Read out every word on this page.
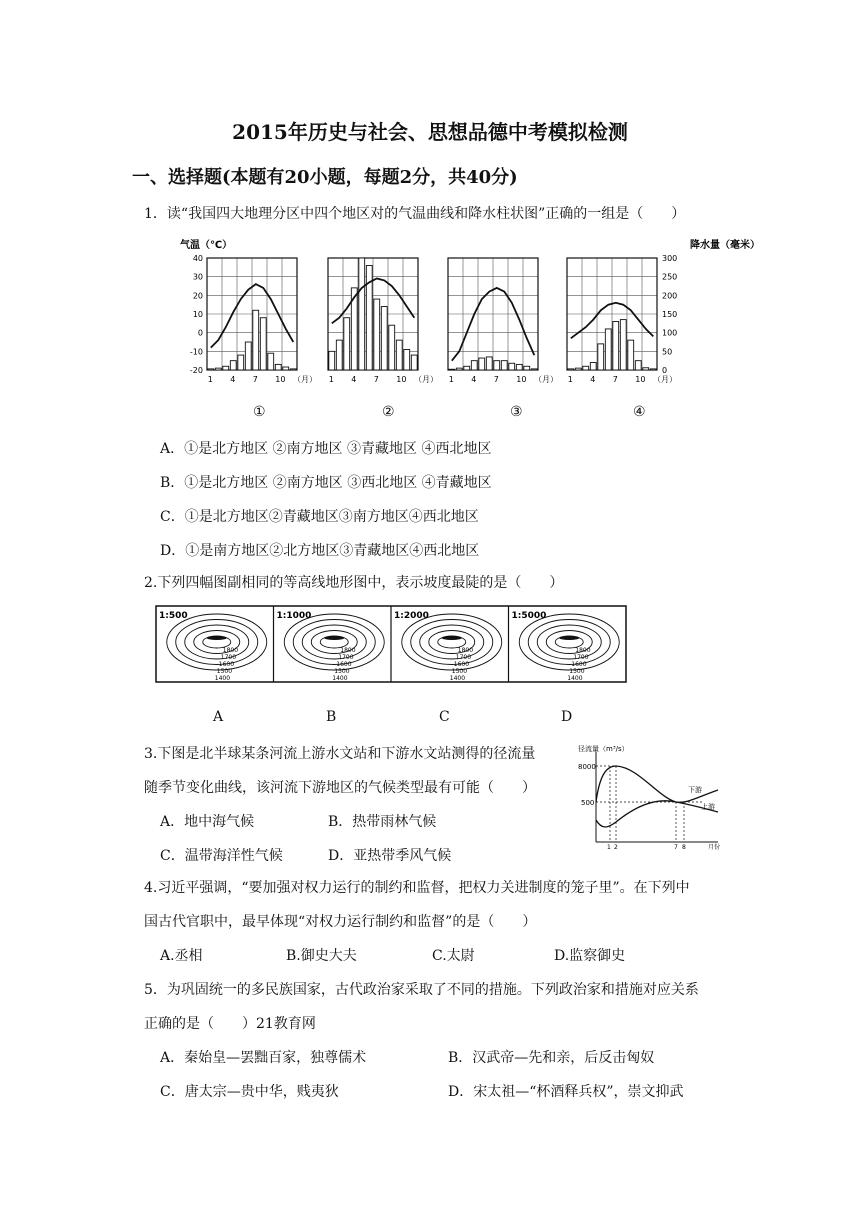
2015年历史与社会、思想品德中考模拟检测
一、选择题(本题有20小题，每题2分，共40分)
1．读“我国四大地理分区中四个地区对的气温曲线和降水柱状图”正确的一组是（　　）
气温（℃）	降水量（毫米）
1 4 7 10 （月） 1 4 7 10 （月） 1 4 7 10 （月） 1 4 7 10 （月）
40
30
20
10
0
-10
-20
300
250
200
150
100
50
0
①	②	③	④
A．①是北方地区 ②南方地区 ③青藏地区 ④西北地区
B．①是北方地区 ②南方地区 ③西北地区 ④青藏地区
C．①是北方地区②青藏地区③南方地区④西北地区
D．①是南方地区②北方地区③青藏地区④西北地区
2.下列四幅图副相同的等高线地形图中，表示坡度最陡的是（　　）
1:500
1800
1700
1600
1500
1400
1:1000
1800
1700
1600
1500
1400
1:2000
1800
1700
1600
1500
1400
1:5000
1800
1700
1600
1500
1400
A	B	C	D
3.下图是北半球某条河流上游水文站和下游水文站测得的径流量
随季节变化曲线，该河流下游地区的气候类型最有可能（　　）
A．地中海气候	B．热带雨林气候
C．温带海洋性气候	D．亚热带季风气候
径流量（m³/s）
8000
500
下游
上游
1 2	7 8	月份
4.习近平强调，“要加强对权力运行的制约和监督，把权力关进制度的笼子里”。在下列中
国古代官职中，最早体现“对权力运行制约和监督”的是（　　）
A.丞相	B.御史大夫	C.太尉	D.监察御史
5．为巩固统一的多民族国家，古代政治家采取了不同的措施。下列政治家和措施对应关系
正确的是（　　）21教育网
A．秦始皇—罢黜百家，独尊儒术	B．汉武帝—先和亲，后反击匈奴
C．唐太宗—贵中华，贱夷狄	D．宋太祖—“杯酒释兵权”，崇文抑武
